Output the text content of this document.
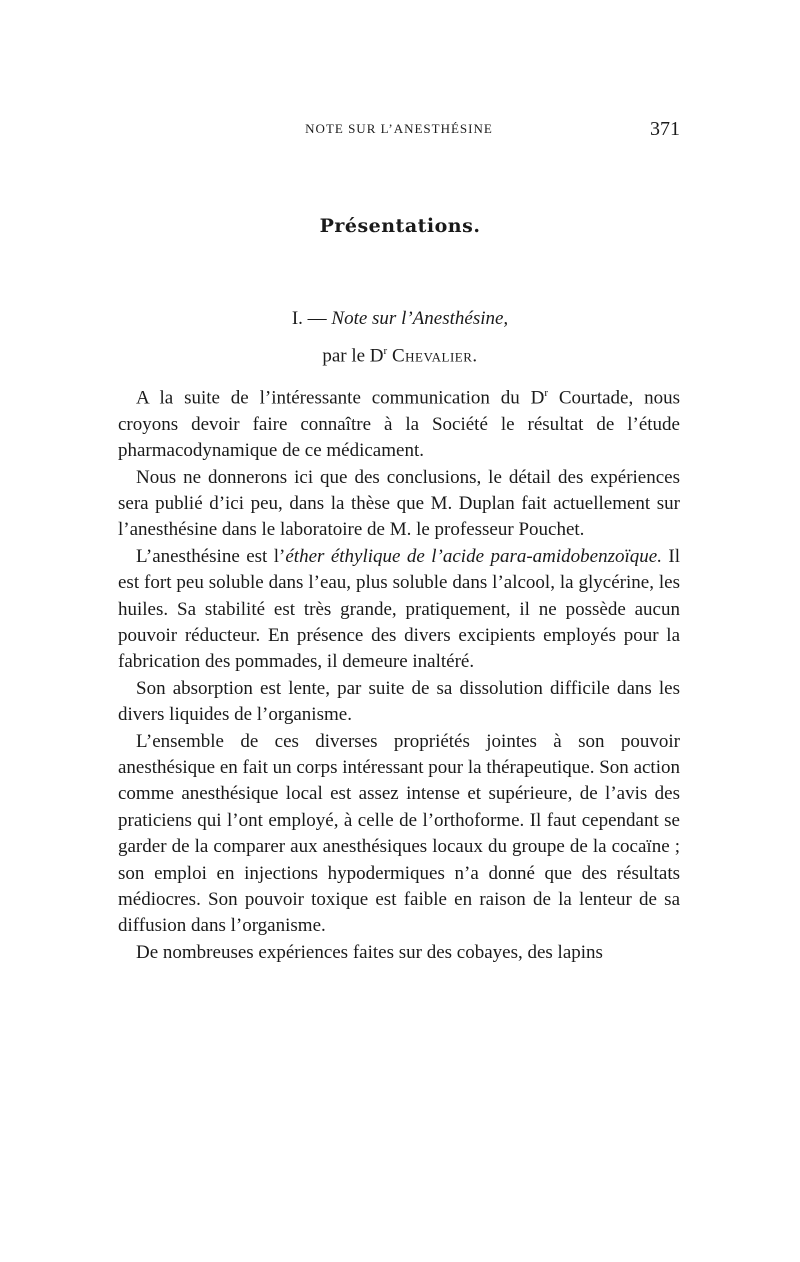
NOTE SUR L’ANESTHÉSINE	371
Présentations.
I. — Note sur l’Anesthésine,
par le $D^r$ Chevalier.

A la suite de l’intéressante communication du $D^r$ Courtade, nous croyons devoir faire connaître à la Société le résultat de l’étude pharmacodynamique de ce médicament.

Nous ne donnerons ici que des conclusions, le détail des expériences sera publié d’ici peu, dans la thèse que M. Duplan fait actuellement sur l’anesthésine dans le laboratoire de M. le professeur Pouchet.

L’anesthésine est l’éther éthylique de l’acide para-amidobenzoïque. Il est fort peu soluble dans l’eau, plus soluble dans l’alcool, la glycérine, les huiles. Sa stabilité est très grande, pratiquement, il ne possède aucun pouvoir réducteur. En présence des divers excipients employés pour la fabrication des pommades, il demeure inaltéré.

Son absorption est lente, par suite de sa dissolution difficile dans les divers liquides de l’organisme.

L’ensemble de ces diverses propriétés jointes à son pouvoir anesthésique en fait un corps intéressant pour la thérapeutique. Son action comme anesthésique local est assez intense et supérieure, de l’avis des praticiens qui l’ont employé, à celle de l’orthoforme. Il faut cependant se garder de la comparer aux anesthésiques locaux du groupe de la cocaïne ; son emploi en injections hypodermiques n’a donné que des résultats médiocres. Son pouvoir toxique est faible en raison de la lenteur de sa diffusion dans l’organisme.

De nombreuses expériences faites sur des cobayes, des lapins
